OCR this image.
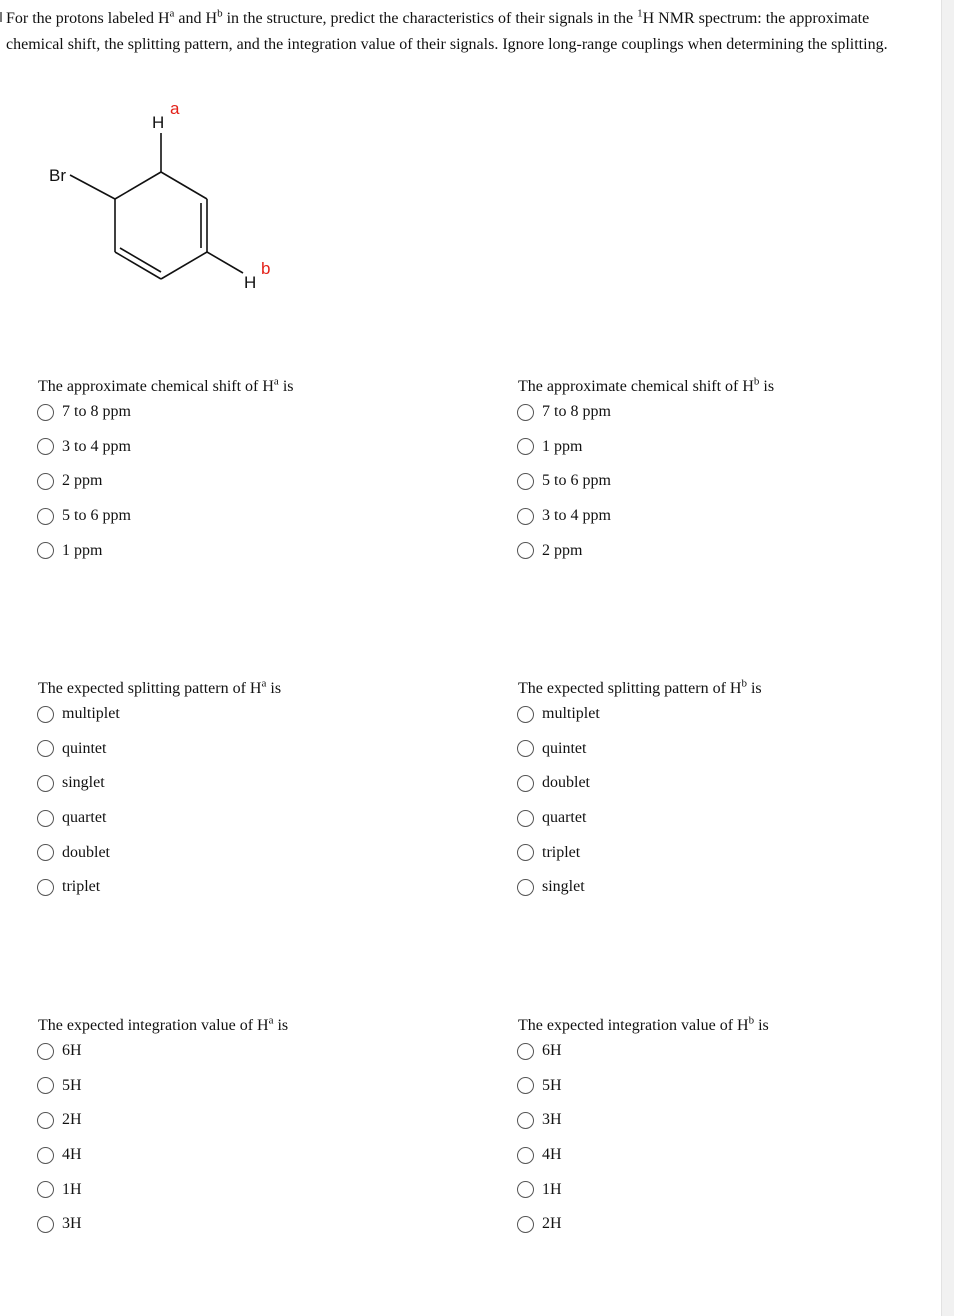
For the protons labeled $H^a$ and $H^b$ in the structure, predict the characteristics of their signals in the $^1$H NMR spectrum: the approximate chemical shift, the splitting pattern, and the integration value of their signals. Ignore long-range couplings when determining the splitting.
H
a
Br
H
b
The approximate chemical shift of $H^a$ is
7 to 8 ppm
3 to 4 ppm
2 ppm
5 to 6 ppm
1 ppm
The approximate chemical shift of $H^b$ is
7 to 8 ppm
1 ppm
5 to 6 ppm
3 to 4 ppm
2 ppm
The expected splitting pattern of $H^a$ is
multiplet
quintet
singlet
quartet
doublet
triplet
The expected splitting pattern of $H^b$ is
multiplet
quintet
doublet
quartet
triplet
singlet
The expected integration value of $H^a$ is
6H
5H
2H
4H
1H
3H
The expected integration value of $H^b$ is
6H
5H
3H
4H
1H
2H
